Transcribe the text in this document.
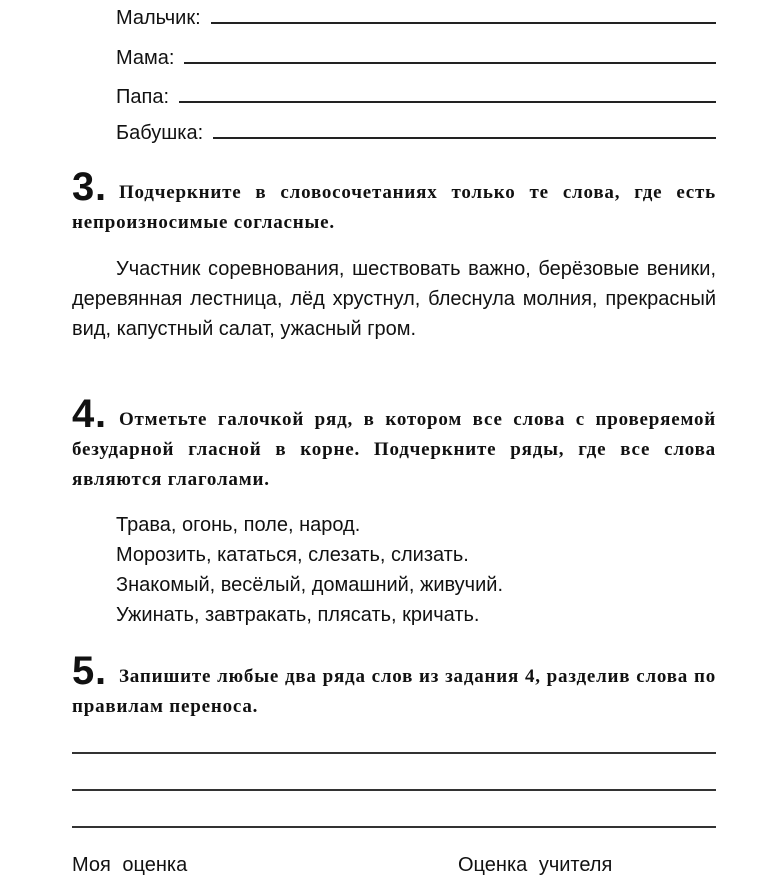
Мальчик:
Мама:
Папа:
Бабушка:
3. Подчеркните в словосочетаниях только те слова, где есть непроизносимые согласные.
Участник соревнования, шествовать важно, берёзовые веники, деревянная лестница, лёд хрустнул, блеснула молния, прекрасный вид, капустный салат, ужасный гром.
4. Отметьте галочкой ряд, в котором все слова с проверяемой безударной гласной в корне. Подчеркните ряды, где все слова являются глаголами.
Трава, огонь, поле, народ.
Морозить, кататься, слезать, слизать.
Знакомый, весёлый, домашний, живучий.
Ужинать, завтракать, плясать, кричать.
5. Запишите любые два ряда слов из задания 4, разделив слова по правилам переноса.
Моя оценка	Оценка учителя
